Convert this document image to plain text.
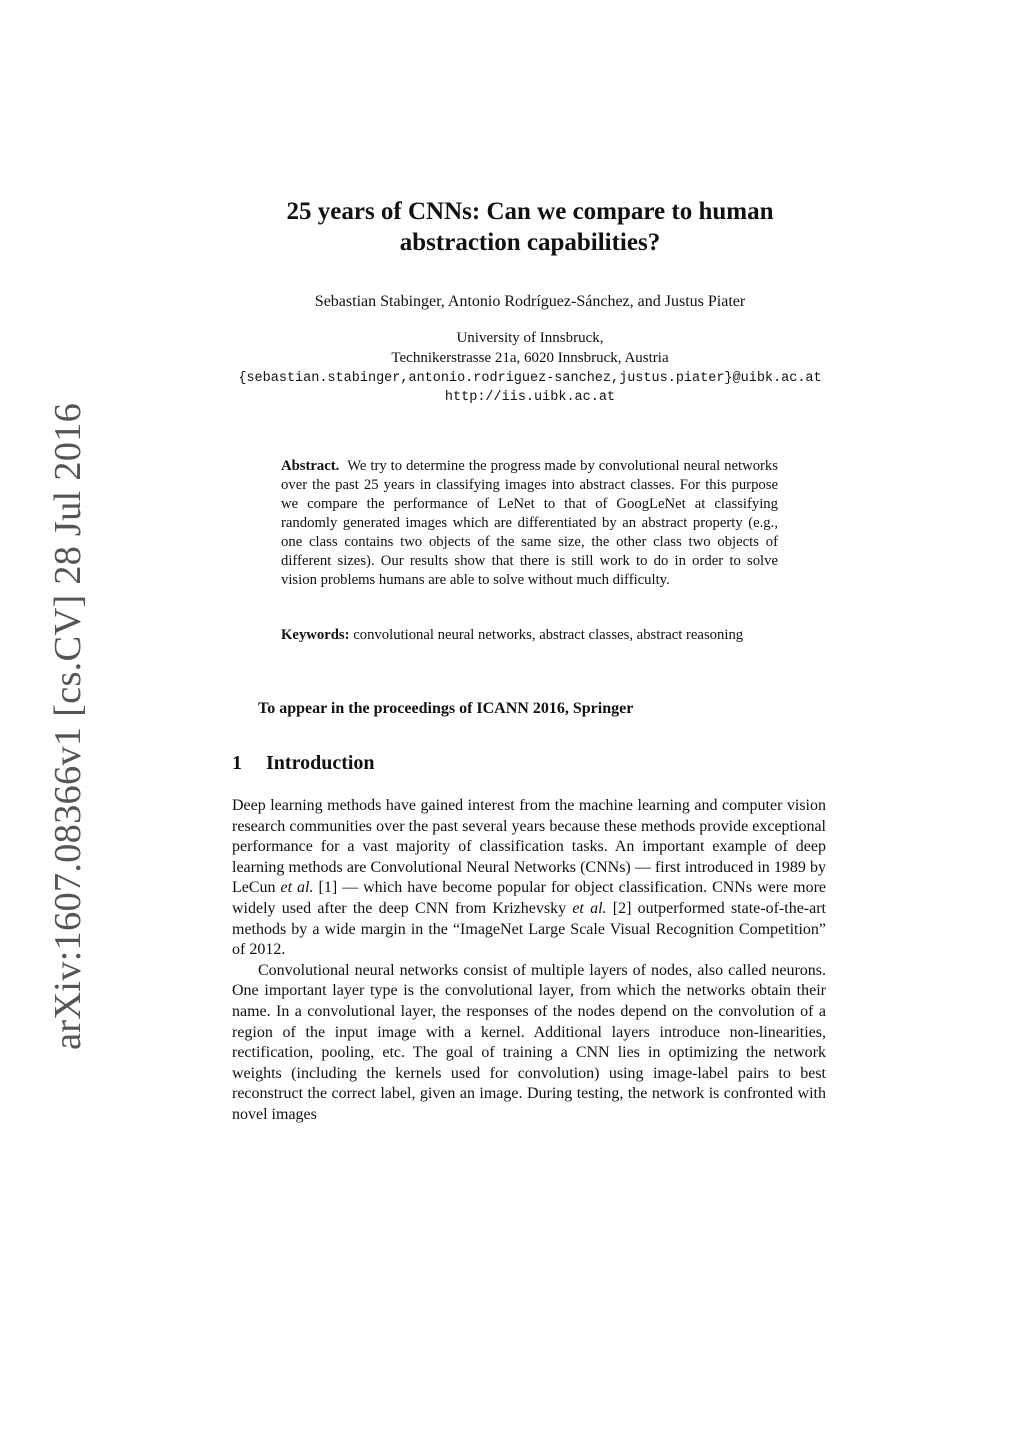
arXiv:1607.08366v1 [cs.CV] 28 Jul 2016
25 years of CNNs: Can we compare to human
abstraction capabilities?
Sebastian Stabinger, Antonio Rodríguez-Sánchez, and Justus Piater
University of Innsbruck,
Technikerstrasse 21a, 6020 Innsbruck, Austria
{sebastian.stabinger,antonio.rodriguez-sanchez,justus.piater}@uibk.ac.at
http://iis.uibk.ac.at

Abstract. We try to determine the progress made by convolutional neural networks over the past 25 years in classifying images into abstract classes. For this purpose we compare the performance of LeNet to that of GoogLeNet at classifying randomly generated images which are differentiated by an abstract property (e.g., one class contains two objects of the same size, the other class two objects of different sizes). Our results show that there is still work to do in order to solve vision problems humans are able to solve without much difficulty.

Keywords: convolutional neural networks, abstract classes, abstract reasoning
To appear in the proceedings of ICANN 2016, Springer
1 Introduction

Deep learning methods have gained interest from the machine learning and computer vision research communities over the past several years because these methods provide exceptional performance for a vast majority of classification tasks. An important example of deep learning methods are Convolutional Neural Networks (CNNs) — first introduced in 1989 by LeCun et al. [1] — which have become popular for object classification. CNNs were more widely used after the deep CNN from Krizhevsky et al. [2] outperformed state-of-the-art methods by a wide margin in the “ImageNet Large Scale Visual Recognition Competition” of 2012.

Convolutional neural networks consist of multiple layers of nodes, also called neurons. One important layer type is the convolutional layer, from which the networks obtain their name. In a convolutional layer, the responses of the nodes depend on the convolution of a region of the input image with a kernel. Additional layers introduce non-linearities, rectification, pooling, etc. The goal of training a CNN lies in optimizing the network weights (including the kernels used for convolution) using image-label pairs to best reconstruct the correct label, given an image. During testing, the network is confronted with novel images
